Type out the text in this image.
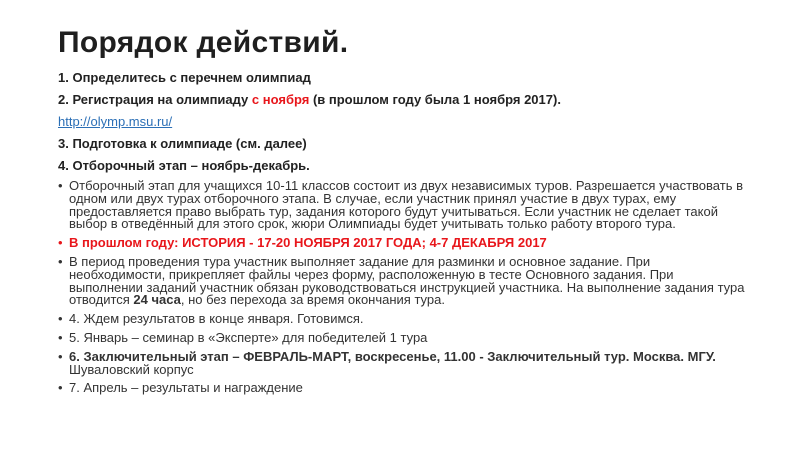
Порядок действий.
1. Определитесь с перечнем олимпиад
2. Регистрация на олимпиаду с ноября (в прошлом году была 1 ноября 2017).
http://olymp.msu.ru/
3. Подготовка к олимпиаде (см. далее)
4. Отборочный этап – ноябрь-декабрь.
• Отборочный этап для учащихся 10-11 классов состоит из двух независимых туров. Разрешается участвовать в одном или двух турах отборочного этапа. В случае, если участник принял участие в двух турах, ему предоставляется право выбрать тур, задания которого будут учитываться. Если участник не сделает такой выбор в отведённый для этого срок, жюри Олимпиады будет учитывать только работу второго тура.
• В прошлом году: ИСТОРИЯ - 17-20 НОЯБРЯ 2017 ГОДА; 4-7 ДЕКАБРЯ 2017
• В период проведения тура участник выполняет задание для разминки и основное задание. При необходимости, прикрепляет файлы через форму, расположенную в тесте Основного задания. При выполнении заданий участник обязан руководствоваться инструкцией участника. На выполнение задания тура отводится 24 часа, но без перехода за время окончания тура.
• 4. Ждем результатов в конце января. Готовимся.
• 5. Январь – семинар в «Эксперте» для победителей 1 тура
• 6. Заключительный этап – ФЕВРАЛЬ-МАРТ, воскресенье, 11.00 - Заключительный тур. Москва. МГУ. Шуваловский корпус
• 7. Апрель – результаты и награждение
